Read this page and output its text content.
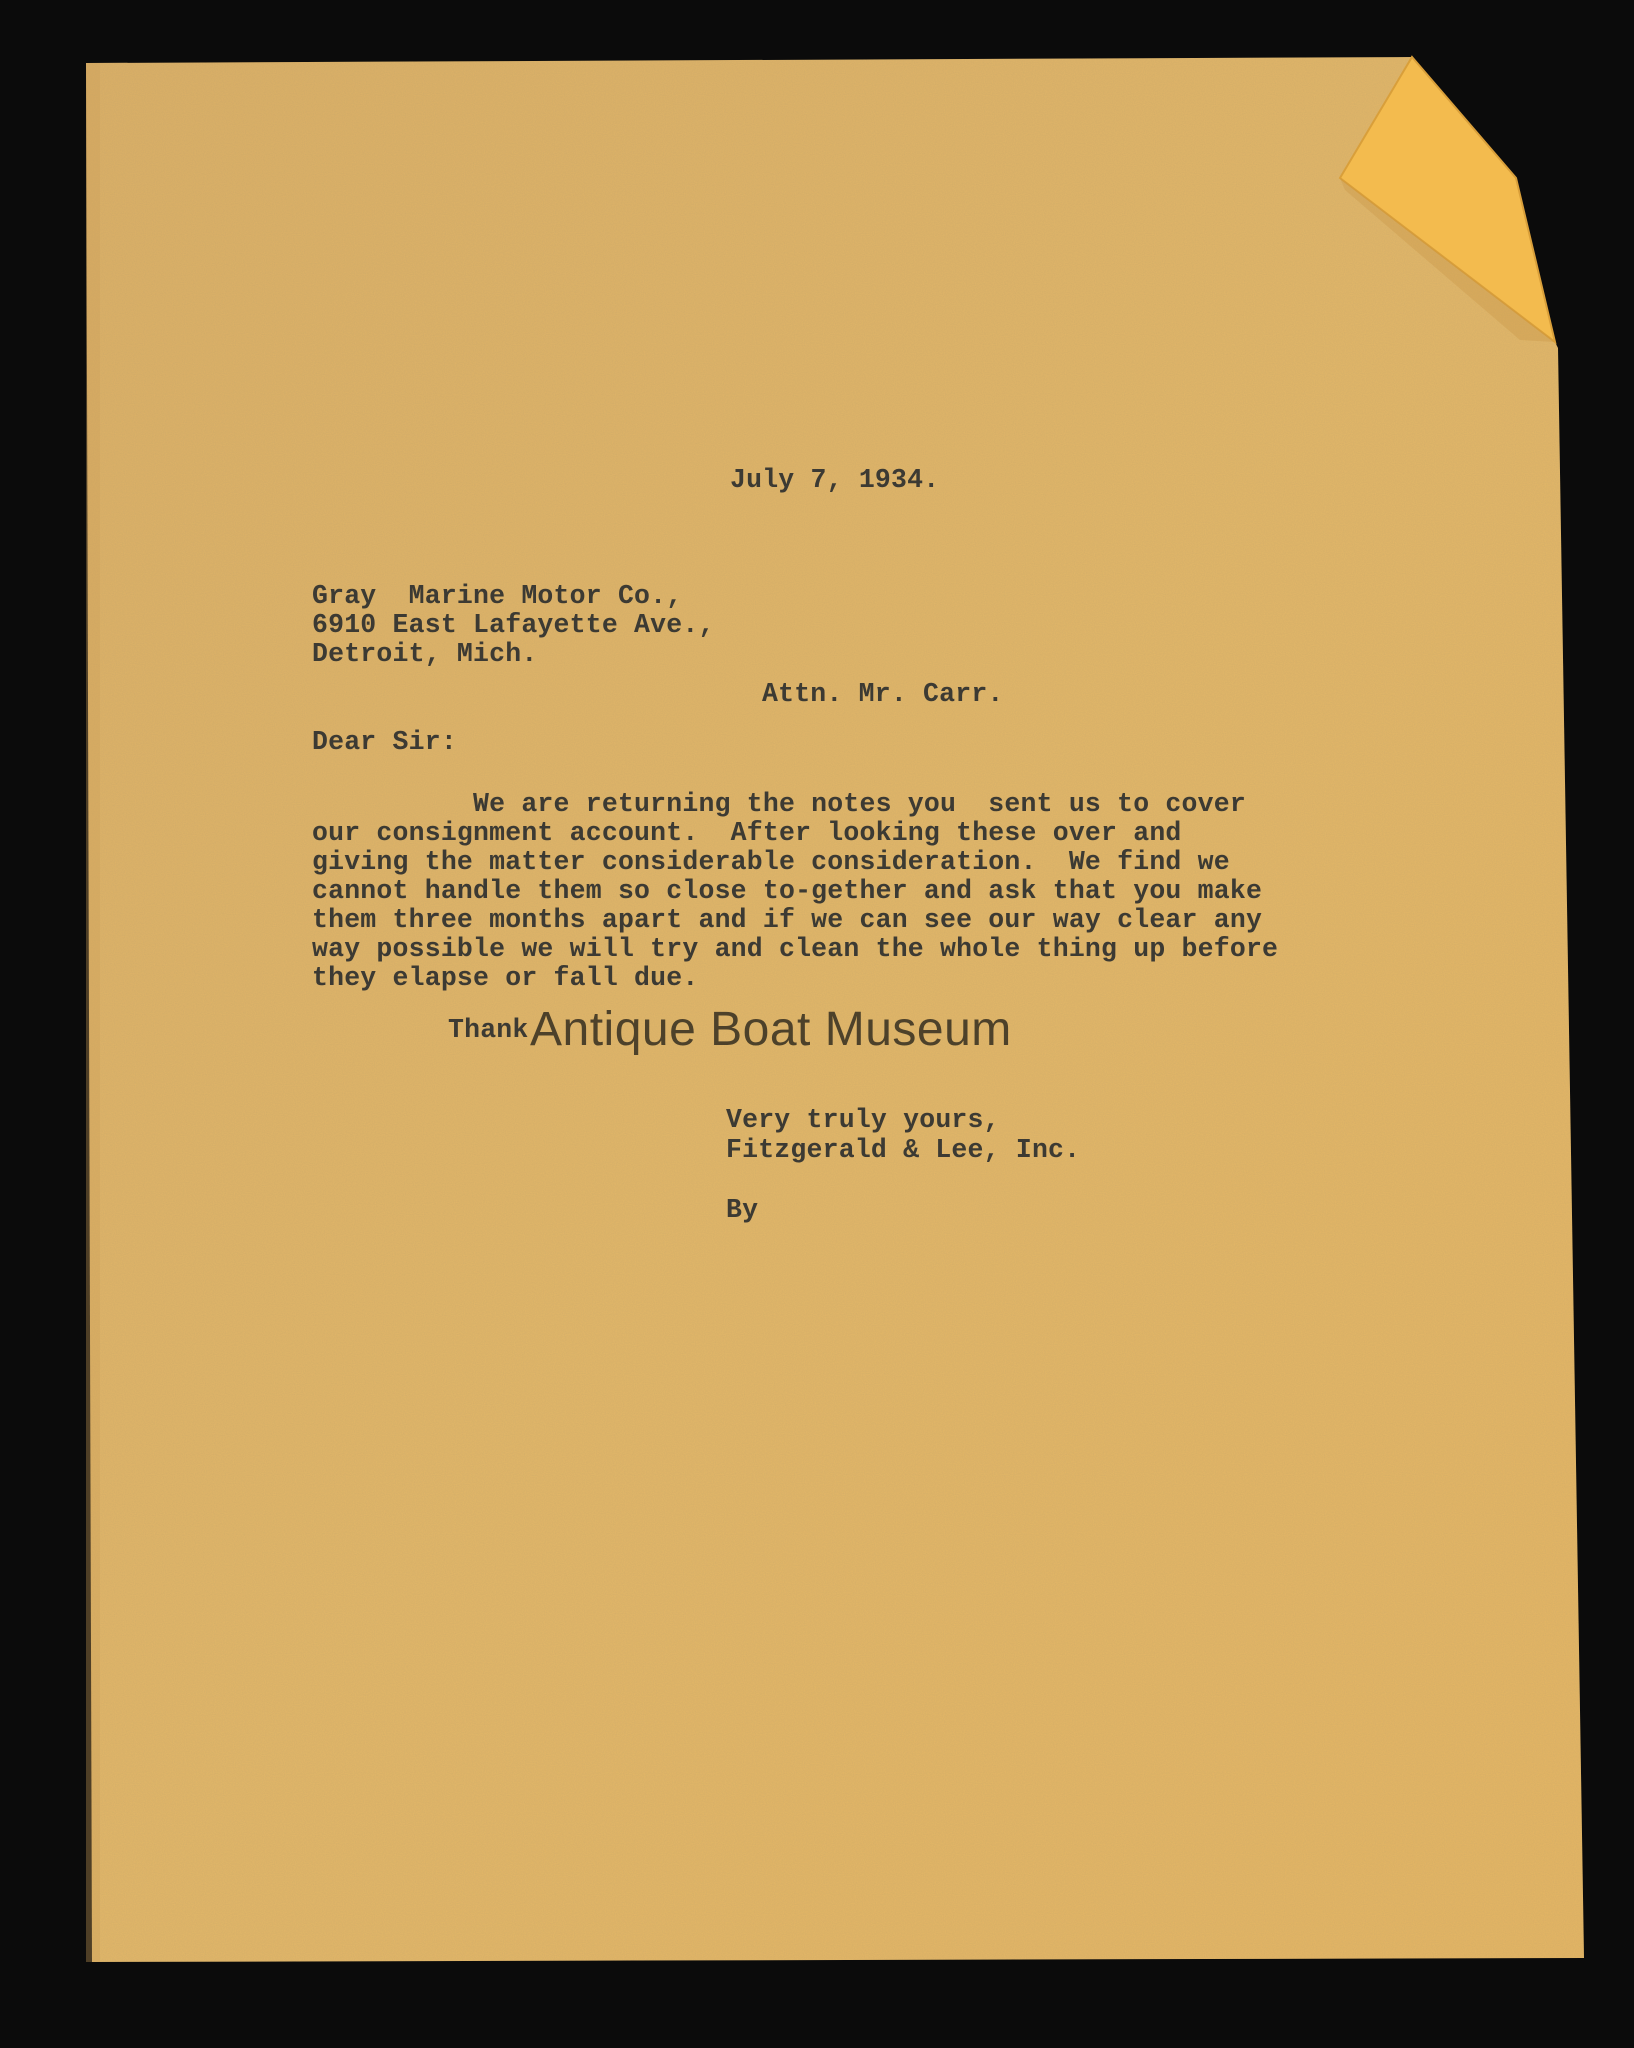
July 7, 1934.
Gray  Marine Motor Co.,
6910 East Lafayette Ave.,
Detroit, Mich.
Attn. Mr. Carr.
Dear Sir:
We are returning the notes you  sent us to cover
our consignment account.  After looking these over and
giving the matter considerable consideration.  We find we
cannot handle them so close to-gether and ask that you make
them three months apart and if we can see our way clear any
way possible we will try and clean the whole thing up before
they elapse or fall due.
Thank Antique Boat Museum
Very truly yours,
Fitzgerald & Lee, Inc.
By
